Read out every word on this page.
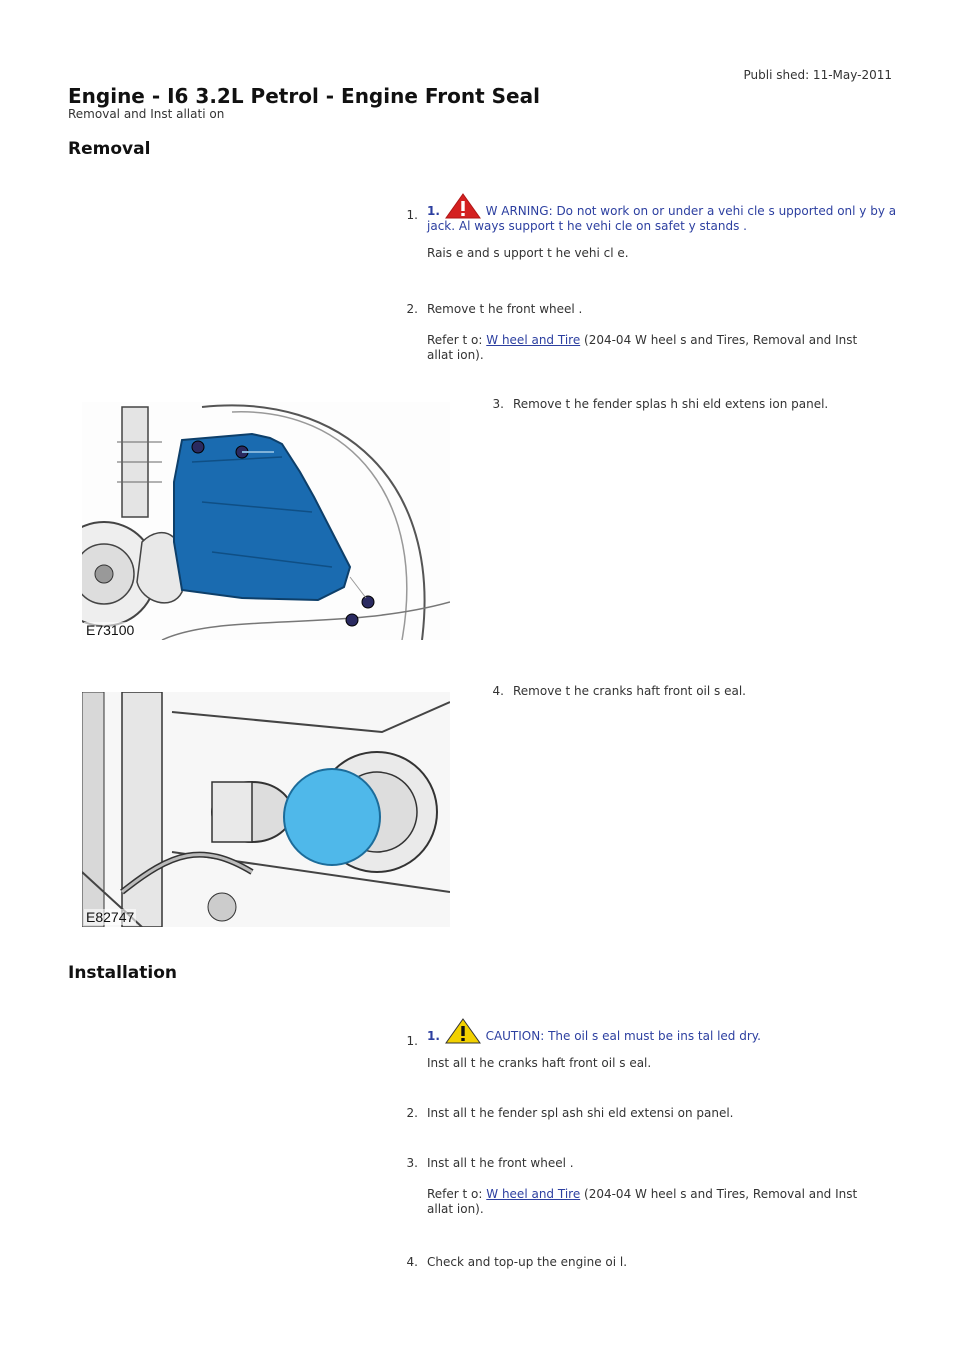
Publi shed: 11-May-2011
Engine - I6 3.2L Petrol - Engine Front Seal
Removal and Inst allati on
Removal
1. 1.	W ARNING: Do not work on or under a vehi cle s upported onl y by a jack. Al ways support t he vehi cle on safet y stands .
Rais e and s upport t he vehi cl e.
2. Remove t he front wheel .
Refer t o: W heel and Tire (204-04 W heel s and Tires, Removal and Inst allat ion).
E73100
3. Remove t he fender splas h shi eld extens ion panel.
E82747
4. Remove t he cranks haft front oil s eal.
Installation
1. 1.	CAUTION: The oil s eal must be ins tal led dry.
Inst all t he cranks haft front oil s eal.
2. Inst all t he fender spl ash shi eld extensi on panel.
3. Inst all t he front wheel .
Refer t o: W heel and Tire (204-04 W heel s and Tires, Removal and Inst allat ion).
4. Check and top-up the engine oi l.
